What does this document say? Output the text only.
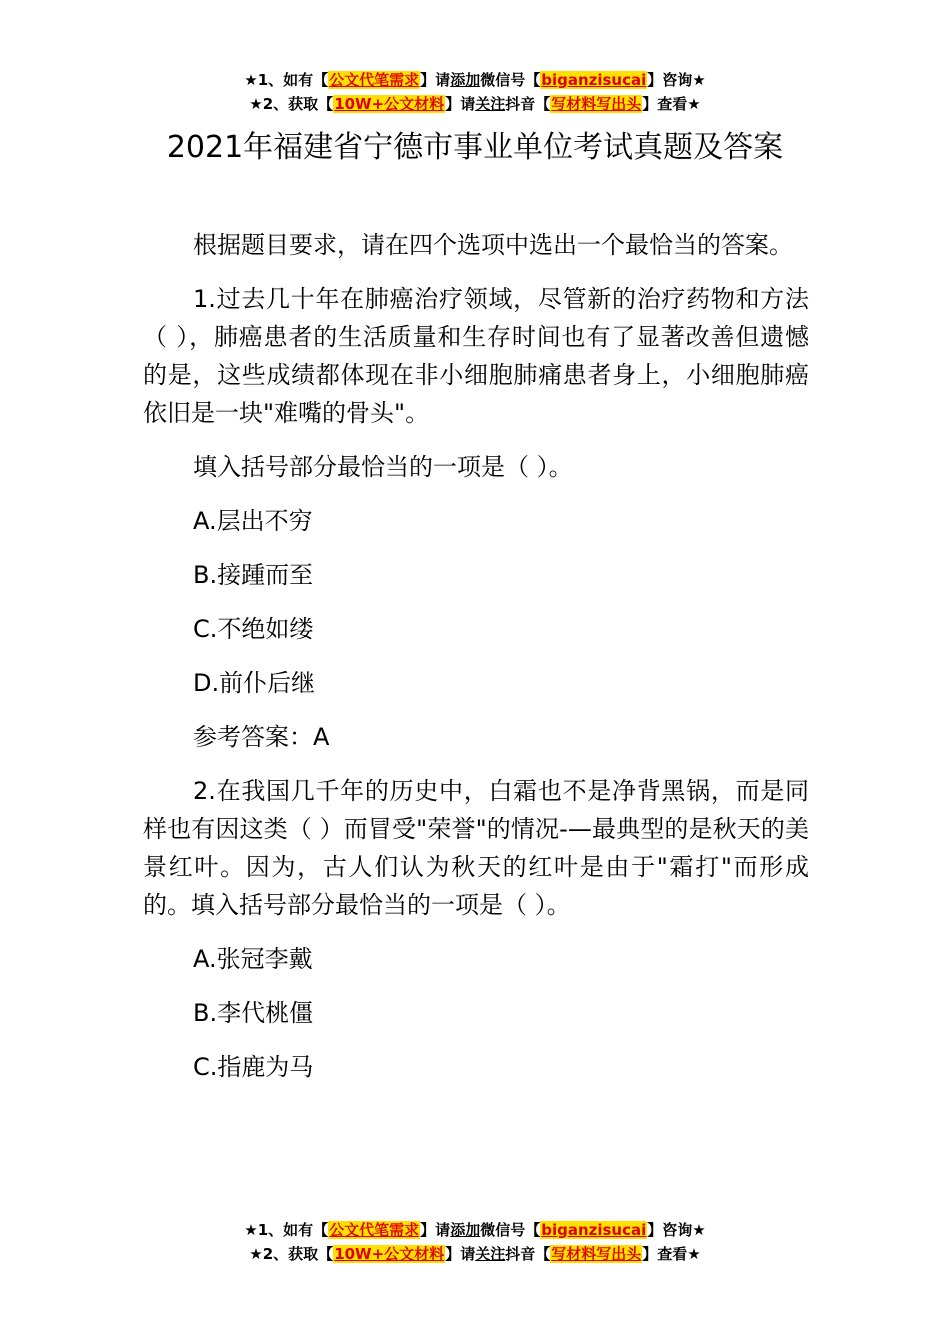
★1、如有【公文代笔需求】请添加微信号【biganzisucai】咨询★
★2、获取【10W+公文材料】请关注抖音【写材料写出头】查看★
2021年福建省宁德市事业单位考试真题及答案

根据题目要求，请在四个选项中选出一个最恰当的答案。

1.过去几十年在肺癌治疗领域，尽管新的治疗药物和方法（ ），肺癌患者的生活质量和生存时间也有了显著改善但遗憾的是，这些成绩都体现在非小细胞肺痛患者身上，小细胞肺癌依旧是一块"难嘴的骨头"。

填入括号部分最恰当的一项是（ ）。

A.层出不穷

B.接踵而至

C.不绝如缕

D.前仆后继

参考答案：A

2.在我国几千年的历史中，白霜也不是净背黑锅，而是同样也有因这类（ ）而冒受"荣誉"的情况-—最典型的是秋天的美景红叶。因为，古人们认为秋天的红叶是由于"霜打"而形成的。填入括号部分最恰当的一项是（ ）。

A.张冠李戴

B.李代桃僵

C.指鹿为马

★1、如有【公文代笔需求】请添加微信号【biganzisucai】咨询★
★2、获取【10W+公文材料】请关注抖音【写材料写出头】查看★
